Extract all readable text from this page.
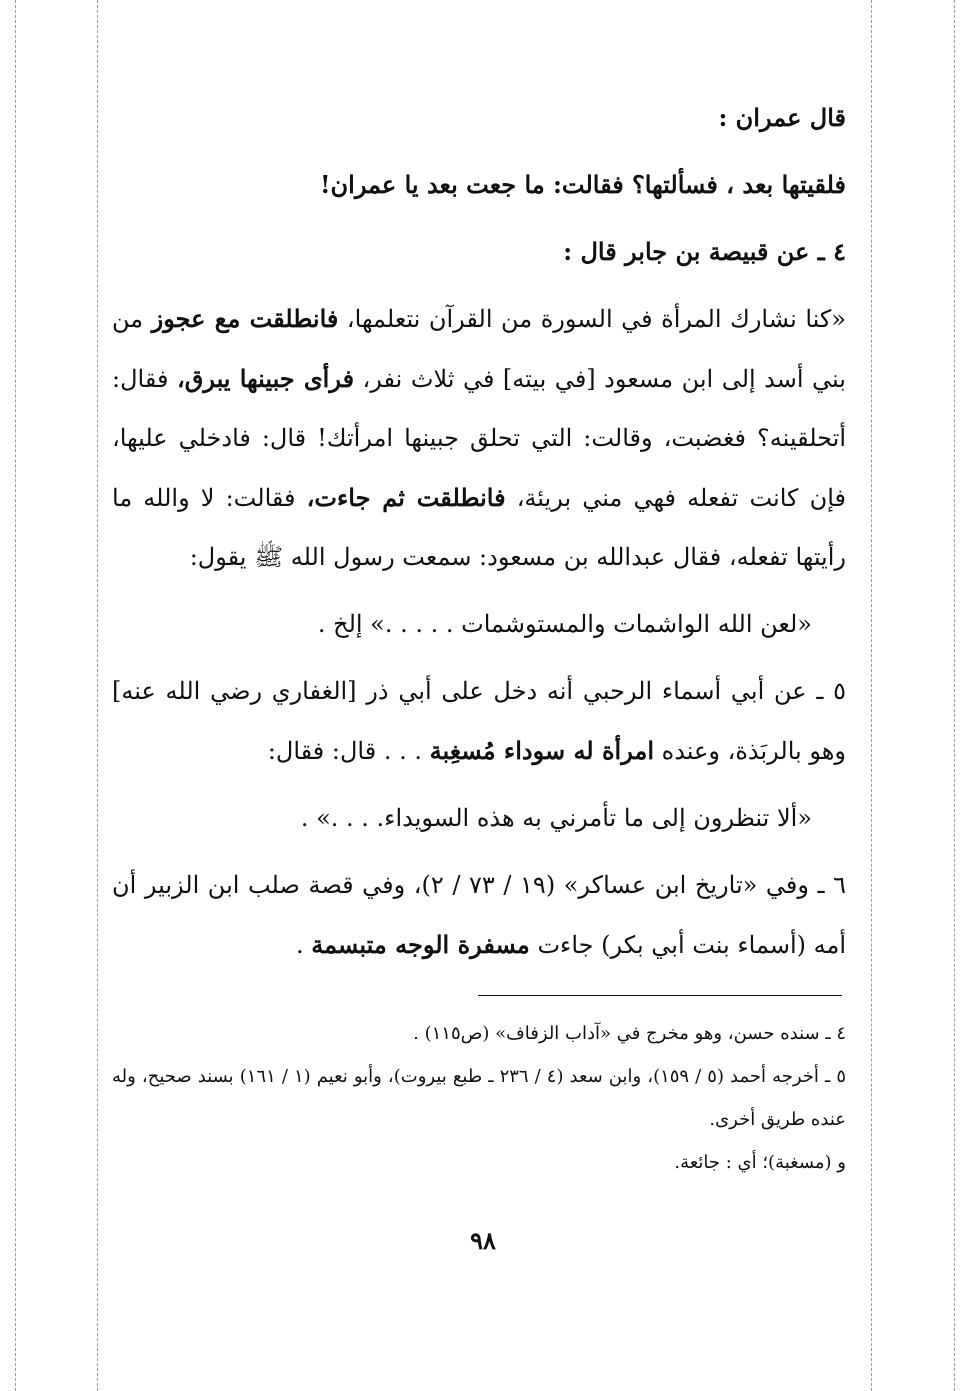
قال عمران :

فلقيتها بعد ، فسألتها؟ فقالت: ما جعت بعد يا عمران!

٤ ـ عن قبيصة بن جابر قال :

«كنا نشارك المرأة في السورة من القرآن نتعلمها، فانطلقت مع عجوز من بني أسد إلى ابن مسعود [في بيته] في ثلاث نفر، فرأى جبينها يبرق، فقال: أتحلقينه؟ فغضبت، وقالت: التي تحلق جبينها امرأتك! قال: فادخلي عليها، فإن كانت تفعله فهي مني بريئة، فانطلقت ثم جاءت، فقالت: لا والله ما رأيتها تفعله، فقال عبدالله بن مسعود: سمعت رسول الله ﷺ يقول:

«لعن الله الواشمات والمستوشمات . . . . .» إلخ .

٥ ـ عن أبي أسماء الرحبي أنه دخل على أبي ذر [الغفاري رضي الله عنه] وهو بالربَذة، وعنده امرأة له سوداء مُسغِبة . . . قال: فقال:

«ألا تنظرون إلى ما تأمرني به هذه السويداء. . . .» .

٦ ـ وفي «تاريخ ابن عساكر» (١٩ / ٧٣ / ٢)، وفي قصة صلب ابن الزبير أن أمه (أسماء بنت أبي بكر) جاءت مسفرة الوجه متبسمة .

٤ ـ سنده حسن، وهو مخرج في «آداب الزفاف» (ص١١٥) .

٥ ـ أخرجه أحمد (٥ / ١٥٩)، وابن سعد (٤ / ٢٣٦ ـ طبع بيروت)، وأبو نعيم (١ / ١٦١) بسند صحيح، وله عنده طريق أخرى.

و (مسغبة)؛ أي : جائعة.

٩٨
